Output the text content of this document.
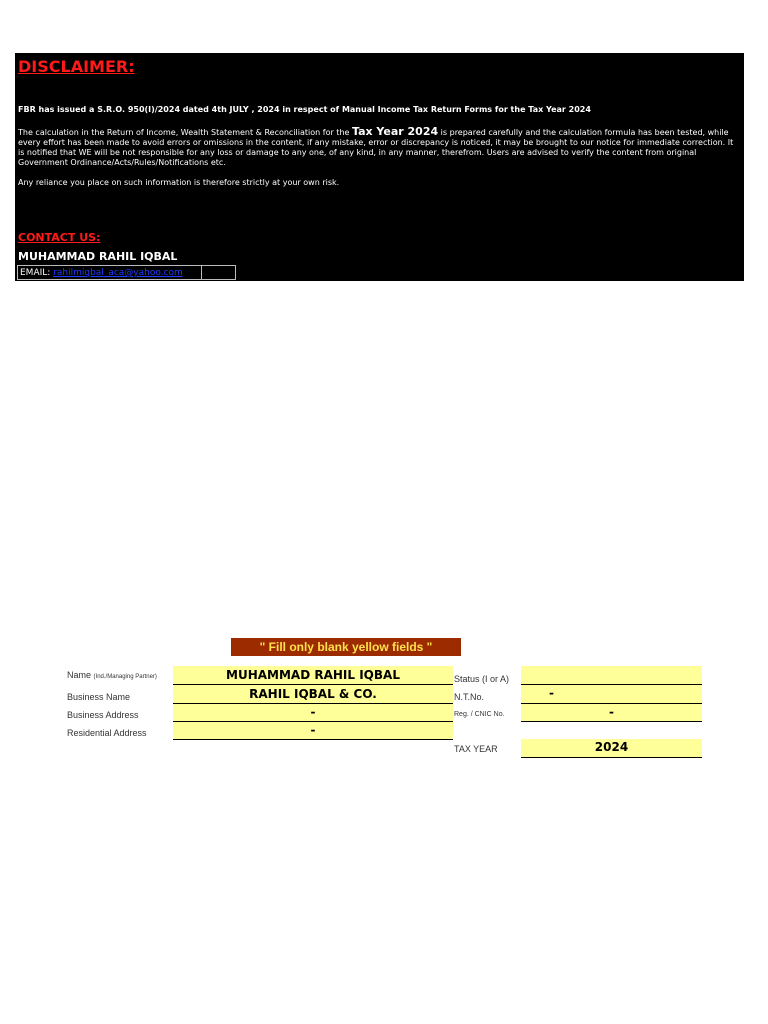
DISCLAIMER:
FBR has issued a S.R.O. 950(I)/2024 dated 4th JULY , 2024 in respect of Manual Income Tax Return Forms for the Tax Year 2024
The calculation in the Return of Income, Wealth Statement & Reconciliation for the Tax Year 2024 is prepared carefully and the calculation formula has been tested, while every effort has been made to avoid errors or omissions in the content, if any mistake, error or discrepancy is noticed, it may be brought to our notice for immediate correction. It is notified that WE will be not responsible for any loss or damage to any one, of any kind, in any manner, therefrom. Users are advised to verify the content from original Government Ordinance/Acts/Rules/Notifications etc.
Any reliance you place on such information is therefore strictly at your own risk.
CONTACT US:
MUHAMMAD RAHIL IQBAL
EMAIL: rahilmiqbal_aca@yahoo.com
" Fill only blank yellow fields "
Name (Ind./Managing Partner)	MUHAMMAD RAHIL IQBAL
Business Name	RAHIL IQBAL & CO.
Business Address	-
Residential Address	-
Status (I or A)
N.T.No.	-
Reg. / CNIC No.	-
TAX YEAR	2024
